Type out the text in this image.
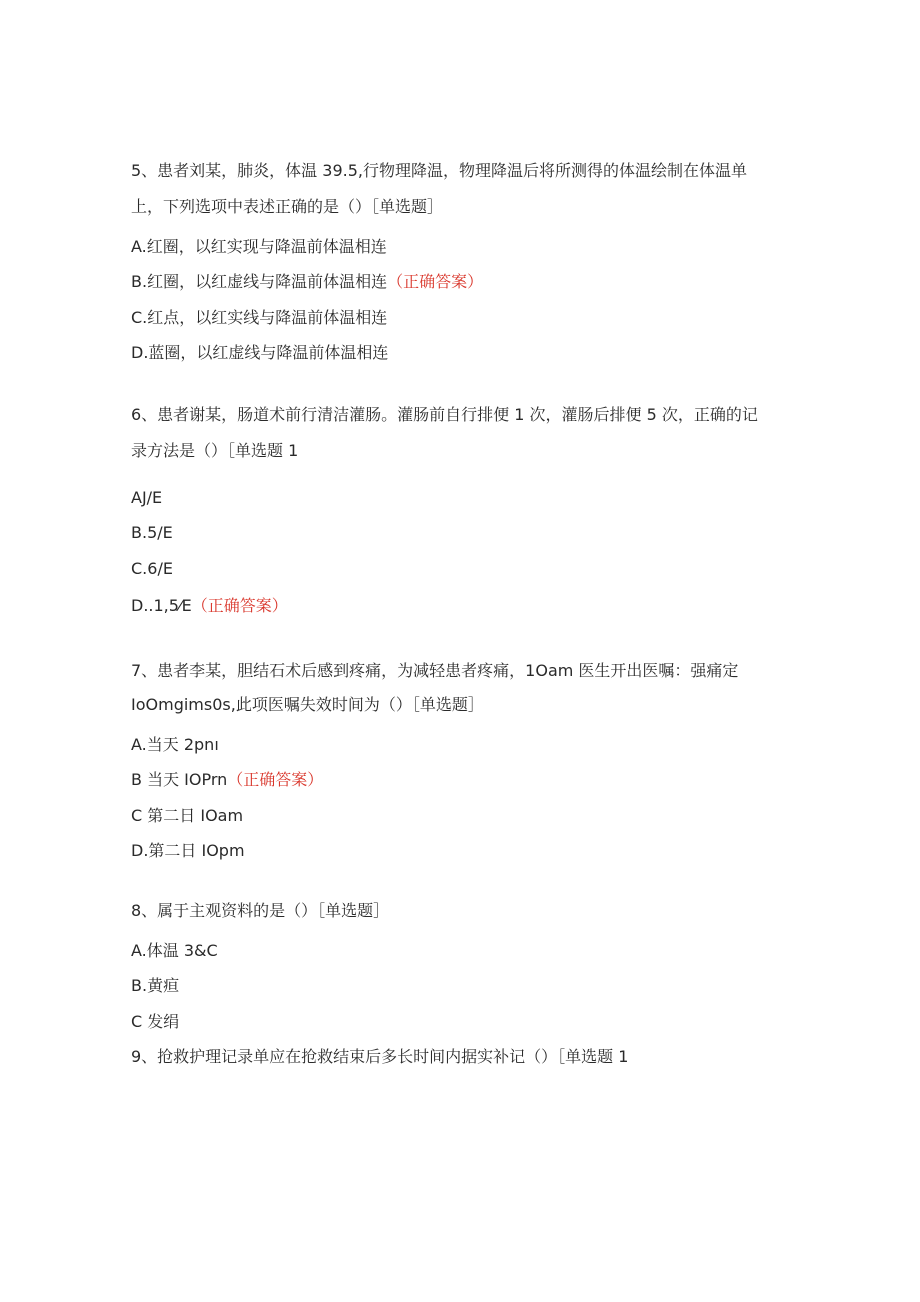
5、患者刘某，肺炎，体温 39.5,行物理降温，物理降温后将所测得的体温绘制在体温单
上，下列选项中表述正确的是（）［单选题］
A.红圈，以红实现与降温前体温相连
B.红圈，以红虚线与降温前体温相连（正确答案）
C.红点，以红实线与降温前体温相连
D.蓝圈，以红虚线与降温前体温相连
6、患者谢某，肠道术前行清洁灌肠。灌肠前自行排便 1 次，灌肠后排便 5 次，正确的记
录方法是（）［单选题 1
AJ/E
B.5/E
C.6/E
D..1,5⁄E（正确答案）
7、患者李某，胆结石术后感到疼痛，为减轻患者疼痛，1Oam 医生开出医嘱：强痛定
IoOmgims0s,此项医嘱失效时间为（）［单选题］
A.当天 2pnı
B 当天 IOPrn（正确答案）
C 第二日 IOam
D.第二日 IOpm
8、属于主观资料的是（）［单选题］
A.体温 3&C
B.黄疸
C 发绢
9、抢救护理记录单应在抢救结束后多长时间内据实补记（）［单选题 1
